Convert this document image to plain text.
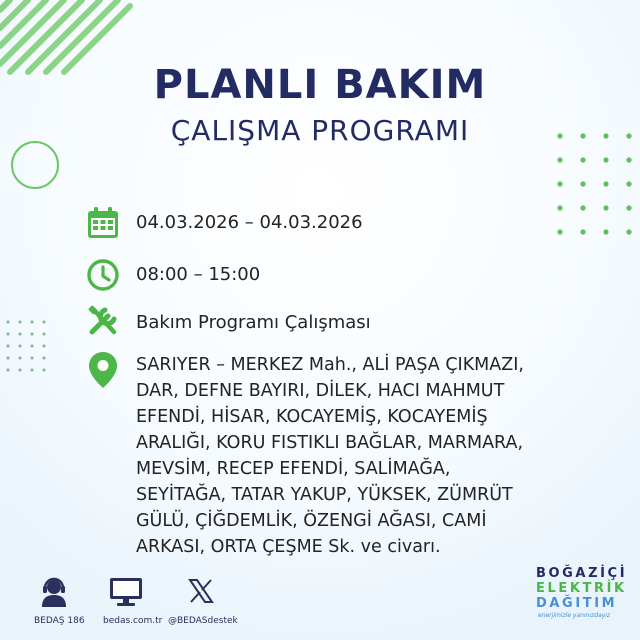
PLANLI BAKIM
ÇALIŞMA PROGRAMI
04.03.2026 – 04.03.2026
08:00 – 15:00
Bakım Programı Çalışması
SARIYER – MERKEZ Mah., ALİ PAŞA ÇIKMAZI,
DAR, DEFNE BAYIRI, DİLEK, HACI MAHMUT
EFENDİ, HİSAR, KOCAYEMİŞ, KOCAYEMİŞ
ARALIĞI, KORU FISTIKLI BAĞLAR, MARMARA,
MEVSİM, RECEP EFENDİ, SALİMAĞA,
SEYİTAĞA, TATAR YAKUP, YÜKSEK, ZÜMRÜT
GÜLÜ, ÇİĞDEMLİK, ÖZENGİ AĞASI, CAMİ
ARKASI, ORTA ÇEŞME Sk. ve civarı.
BEDAŞ 186 bedas.com.tr @BEDASdestek
BOĞAZİÇİ
ELEKTRİK
DAĞITIM
enerjimizle yanınızdayız
